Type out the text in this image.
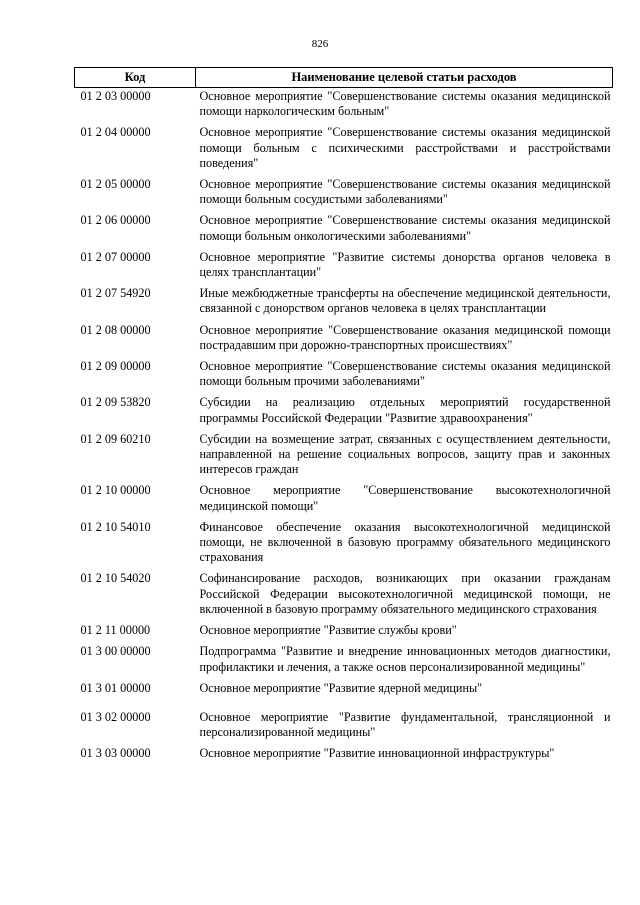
826
Код	Наименование целевой статьи расходов
01 2 03 00000	Основное мероприятие "Совершенствование системы оказания медицинской помощи наркологическим больным"
01 2 04 00000	Основное мероприятие "Совершенствование системы оказания медицинской помощи больным с психическими расстройствами и расстройствами поведения"
01 2 05 00000	Основное мероприятие "Совершенствование системы оказания медицинской помощи больным сосудистыми заболеваниями"
01 2 06 00000	Основное мероприятие "Совершенствование системы оказания медицинской помощи больным онкологическими заболеваниями"
01 2 07 00000	Основное мероприятие "Развитие системы донорства органов человека в целях трансплантации"
01 2 07 54920	Иные межбюджетные трансферты на обеспечение медицинской деятельности, связанной с донорством органов человека в целях трансплантации
01 2 08 00000	Основное мероприятие "Совершенствование оказания медицинской помощи пострадавшим при дорожно-транспортных происшествиях"
01 2 09 00000	Основное мероприятие "Совершенствование системы оказания медицинской помощи больным прочими заболеваниями"
01 2 09 53820	Субсидии на реализацию отдельных мероприятий государственной программы Российской Федерации "Развитие здравоохранения"
01 2 09 60210	Субсидии на возмещение затрат, связанных с осуществлением деятельности, направленной на решение социальных вопросов, защиту прав и законных интересов граждан
01 2 10 00000	Основное мероприятие "Совершенствование высокотехнологичной медицинской помощи"
01 2 10 54010	Финансовое обеспечение оказания высокотехнологичной медицинской помощи, не включенной в базовую программу обязательного медицинского страхования
01 2 10 54020	Софинансирование расходов, возникающих при оказании гражданам Российской Федерации высокотехнологичной медицинской помощи, не включенной в базовую программу обязательного медицинского страхования
01 2 11 00000	Основное мероприятие "Развитие службы крови"
01 3 00 00000	Подпрограмма "Развитие и внедрение инновационных методов диагностики, профилактики и лечения, а также основ персонализированной медицины"
01 3 01 00000	Основное мероприятие "Развитие ядерной медицины"
01 3 02 00000	Основное мероприятие "Развитие фундаментальной, трансляционной и персонализированной медицины"
01 3 03 00000	Основное мероприятие "Развитие инновационной инфраструктуры"
